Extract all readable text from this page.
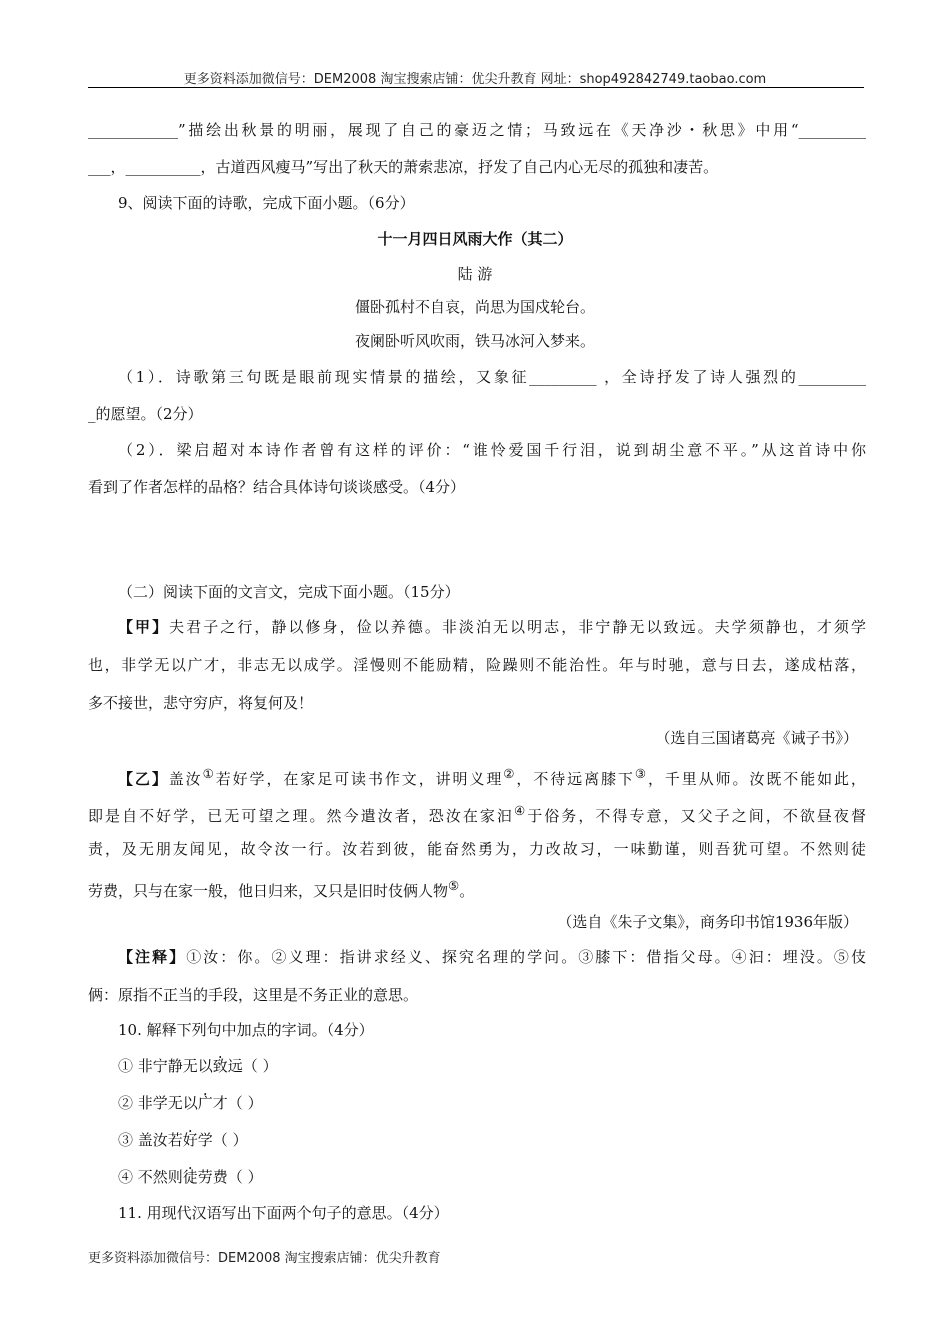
更多资料添加微信号：DEM2008 淘宝搜索店铺：优尖升教育 网址：shop492842749.taobao.com
____________”描绘出秋景的明丽，展现了自己的豪迈之情；马致远在《天净沙・秋思》中用“_________
___，__________，古道西风瘦马”写出了秋天的萧索悲凉，抒发了自己内心无尽的孤独和凄苦。
9、阅读下面的诗歌，完成下面小题。（6分）
十一月四日风雨大作（其二）
陆 游
僵卧孤村不自哀，尚思为国戍轮台。
夜阑卧听风吹雨，铁马冰河入梦来。
（1）．诗歌第三句既是眼前现实情景的描绘，又象征_________ ，全诗抒发了诗人强烈的_________
_的愿望。（2分）
（2）．梁启超对本诗作者曾有这样的评价：“谁怜爱国千行泪，说到胡尘意不平。”从这首诗中你
看到了作者怎样的品格？结合具体诗句谈谈感受。（4分）
（二）阅读下面的文言文，完成下面小题。（15分）
【甲】夫君子之行，静以修身，俭以养德。非淡泊无以明志，非宁静无以致远。夫学须静也，才须学
也，非学无以广才，非志无以成学。淫慢则不能励精，险躁则不能治性。年与时驰，意与日去，遂成枯落，
多不接世，悲守穷庐，将复何及！
（选自三国诸葛亮《诫子书》）
【乙】盖汝①若好学，在家足可读书作文，讲明义理②，不待远离膝下③，千里从师。汝既不能如此，
即是自不好学，已无可望之理。然今遣汝者，恐汝在家汩④于俗务，不得专意，又父子之间，不欲昼夜督
责，及无朋友闻见，故令汝一行。汝若到彼，能奋然勇为，力改故习，一味勤谨，则吾犹可望。不然则徒
劳费，只与在家一般，他日归来，又只是旧时伎俩人物⑤。
（选自《朱子文集》，商务印书馆1936年版）
【注释】①汝：你。②义理：指讲求经义、探究名理的学问。③膝下：借指父母。④汩：埋没。⑤伎
俩：原指不正当的手段，这里是不务正业的意思。
10. 解释下列句中加点的字词。（4分）
① 非宁静无以致远（ ）
② 非学无以广才（ ）
③ 盖汝若好学（ ）
④ 不然则徒劳费（ ）
11. 用现代汉语写出下面两个句子的意思。（4分）
更多资料添加微信号：DEM2008 淘宝搜索店铺：优尖升教育
